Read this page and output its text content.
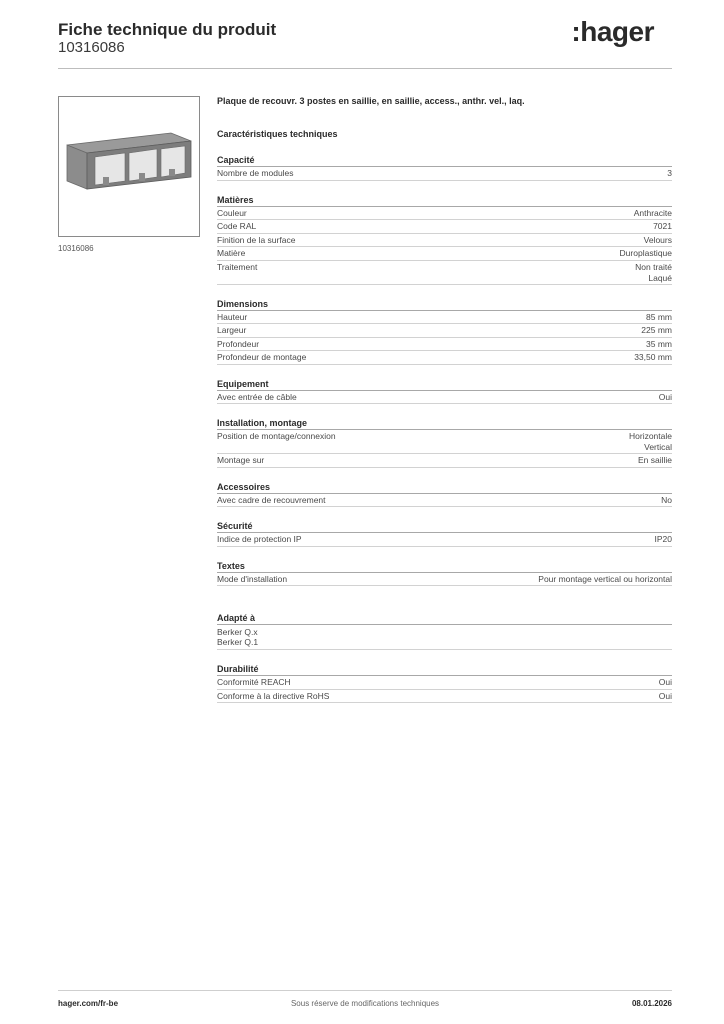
Fiche technique du produit
10316086
:hager
10316086
Plaque de recouvr. 3 postes en saillie, en saillie, access., anthr. vel., laq.
Caractéristiques techniques
Capacité
Nombre de modules	3
Matières
Couleur	Anthracite
Code RAL	7021
Finition de la surface	Velours
Matière	Duroplastique
Traitement	Non traité
Laqué
Dimensions
Hauteur	85 mm
Largeur	225 mm
Profondeur	35 mm
Profondeur de montage	33,50 mm
Equipement
Avec entrée de câble	Oui
Installation, montage
Position de montage/connexion	Horizontale
Vertical
Montage sur	En saillie
Accessoires
Avec cadre de recouvrement	No
Sécurité
Indice de protection IP	IP20
Textes
Mode d'installation	Pour montage vertical ou horizontal
Adapté à
Berker Q.x
Berker Q.1
Durabilité
Conformité REACH	Oui
Conforme à la directive RoHS	Oui
hager.com/fr-be	Sous réserve de modifications techniques	08.01.2026
